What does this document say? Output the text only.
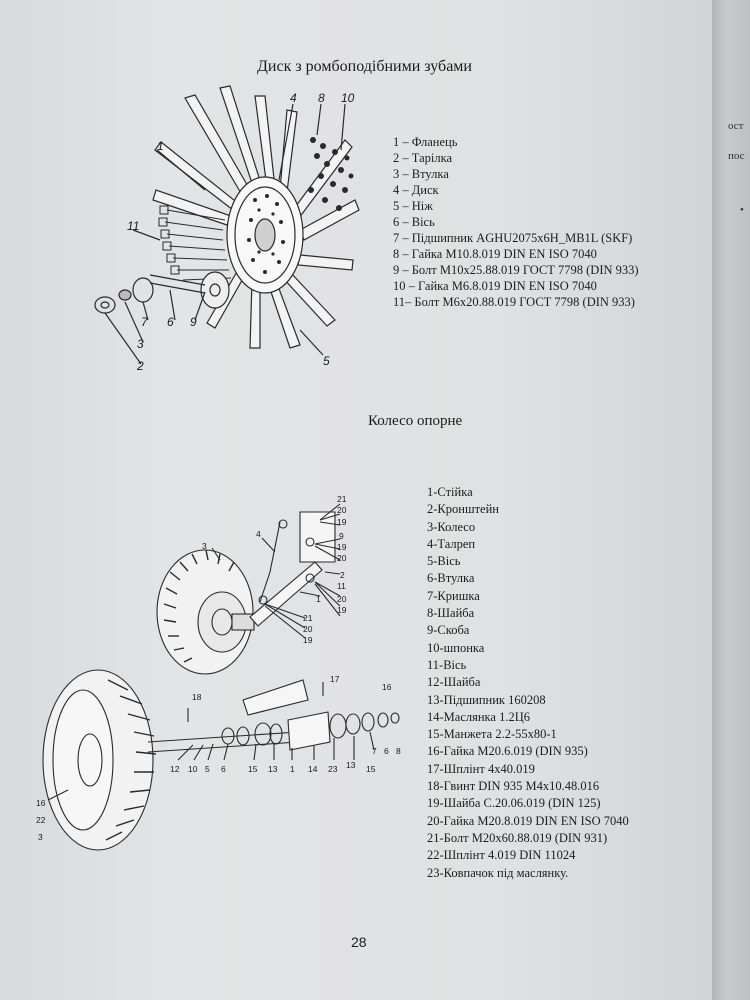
Диск з ромбоподібними зубами
1
4 8 10
11
7 6 9
3
2	5
1 – Фланець
2 – Тарілка
3 – Втулка
4 – Диск
5 – Ніж
6 – Вісь
7 – Підшипник AGHU2075x6H_MB1L (SKF)
8 – Гайка М10.8.019 DIN EN ISO 7040
9 – Болт М10х25.88.019 ГОСТ 7798 (DIN 933)
10 – Гайка М6.8.019 DIN EN ISO 7040
11– Болт М6х20.88.019 ГОСТ 7798 (DIN 933)
Колесо опорне
21
20
19
9
19
20
3
4
2
1
11
20
19
21
20
19
18
17
16
12 10 5 6	15 13 1 14 23 13 15
7 6 8
16
22
3
1-Стійка
2-Кронштейн
3-Колесо
4-Талреп
5-Вісь
6-Втулка
7-Кришка
8-Шайба
9-Скоба
10-шпонка
11-Вісь
12-Шайба
13-Підшипник 160208
14-Маслянка 1.2Ц6
15-Манжета 2.2-55х80-1
16-Гайка М20.6.019 (DIN 935)
17-Шплінт 4х40.019
18-Гвинт DIN 935 М4х10.48.016
19-Шайба С.20.06.019 (DIN 125)
20-Гайка М20.8.019 DIN EN ISO 7040
21-Болт М20х60.88.019 (DIN 931)
22-Шплінт 4.019 DIN 11024
23-Ковпачок під маслянку.
28
ост
пос
•
